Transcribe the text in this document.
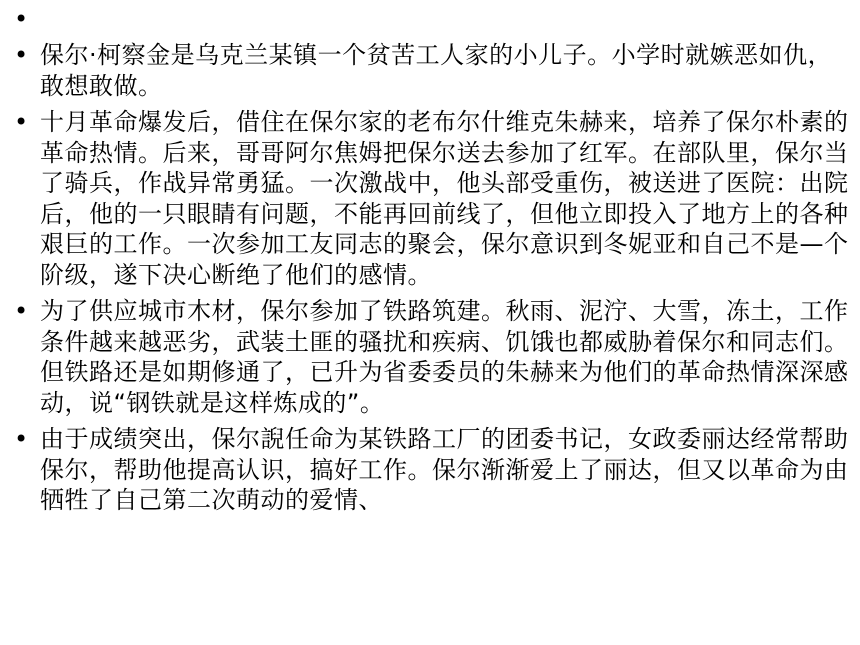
•
• 保尔·柯察金是乌克兰某镇一个贫苦工人家的小儿子。小学时就嫉恶如仇，敢想敢做。
• 十月革命爆发后，借住在保尔家的老布尔什维克朱赫来，培养了保尔朴素的革命热情。后来，哥哥阿尔焦姆把保尔送去参加了红军。在部队里，保尔当了骑兵，作战异常勇猛。一次激战中，他头部受重伤，被送进了医院：出院后，他的一只眼睛有问题，不能再回前线了，但他立即投入了地方上的各种艰巨的工作。一次参加工友同志的聚会，保尔意识到冬妮亚和自己不是—个阶级，遂下决心断绝了他们的感情。
• 为了供应城市木材，保尔参加了铁路筑建。秋雨、泥泞、大雪，冻土，工作条件越来越恶劣，武装土匪的骚扰和疾病、饥饿也都威胁着保尔和同志们。但铁路还是如期修通了，已升为省委委员的朱赫来为他们的革命热情深深感动，说“钢铁就是这样炼成的”。
• 由于成绩突出，保尔誽任命为某铁路工厂的团委书记，女政委丽达经常帮助保尔，帮助他提高认识，搞好工作。保尔渐渐爱上了丽达，但又以革命为由牺牲了自己第二次萌动的爱情、
